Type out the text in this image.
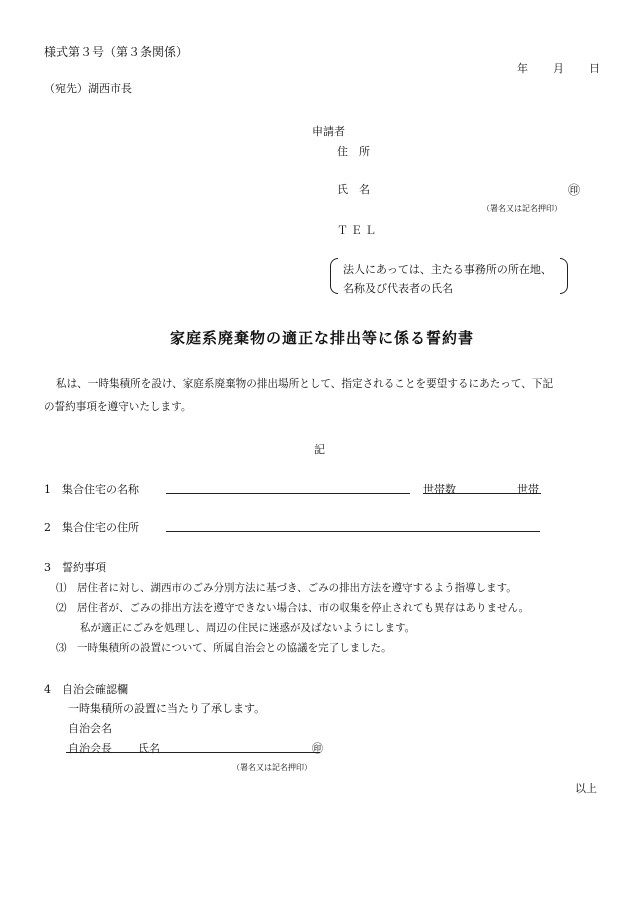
様式第３号（第３条関係）
年 月 日
（宛先）湖西市長
申請者
住　所
氏　名	㊞
（署名又は記名押印）
ＴＥＬ
法人にあっては、主たる事務所の所在地、
名称及び代表者の氏名
家庭系廃棄物の適正な排出等に係る誓約書
私は、一時集積所を設け、家庭系廃棄物の排出場所として、指定されることを要望するにあたって、下記
の誓約事項を遵守いたします。
記
1　集合住宅の名称	世帯数	世帯
2　集合住宅の住所
3　誓約事項
⑴　居住者に対し、湖西市のごみ分別方法に基づき、ごみの排出方法を遵守するよう指導します。
⑵　居住者が、ごみの排出方法を遵守できない場合は、市の収集を停止されても異存はありません。
私が適正にごみを処理し、周辺の住民に迷惑が及ばないようにします。
⑶　一時集積所の設置について、所属自治会との協議を完了しました。
4　自治会確認欄
一時集積所の設置に当たり了承します。
自治会名
自治会長 氏名	㊞
（署名又は記名押印）
以上
